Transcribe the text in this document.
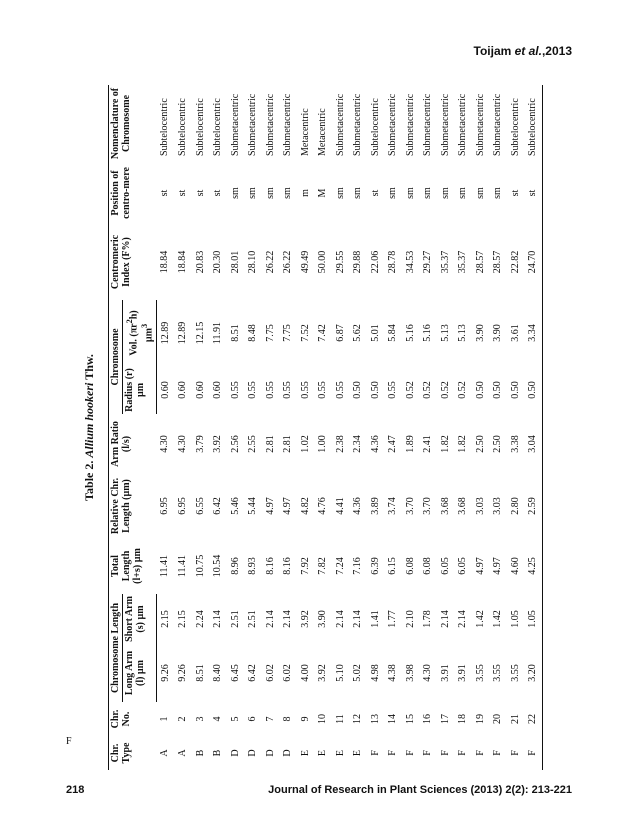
Toijam et al.,2013
Table 2. Allium hookeri Thw.
Chr. Type	Chr. No.	Chromosome Length		Total Length (l+s) µm	Relative Chr. Length (µm)	Arm Ratio (l/s)	Chromosome		Centromeric Index (F%)	Position of centro-mere	Nomenclature of Chromosome
		Long Arm (l) µm	Short Arm (s) µm				Radius (r) µm	Vol. $(\pi r^2h)$ µm$^3$
A	1	9.26	2.15	11.41	6.95	4.30	0.60	12.89	18.84	st	Subtelocentric
A	2	9.26	2.15	11.41	6.95	4.30	0.60	12.89	18.84	st	Subtelocentric
B	3	8.51	2.24	10.75	6.55	3.79	0.60	12.15	20.83	st	Subtelocentric
B	4	8.40	2.14	10.54	6.42	3.92	0.60	11.91	20.30	st	Subtelocentric
D	5	6.45	2.51	8.96	5.46	2.56	0.55	8.51	28.01	sm	Submetacentric
D	6	6.42	2.51	8.93	5.44	2.55	0.55	8.48	28.10	sm	Submetacentric
D	7	6.02	2.14	8.16	4.97	2.81	0.55	7.75	26.22	sm	Submetacentric
D	8	6.02	2.14	8.16	4.97	2.81	0.55	7.75	26.22	sm	Submetacentric
E	9	4.00	3.92	7.92	4.82	1.02	0.55	7.52	49.49	m	Metacentric
E	10	3.92	3.90	7.82	4.76	1.00	0.55	7.42	50.00	M	Metacentric
E	11	5.10	2.14	7.24	4.41	2.38	0.55	6.87	29.55	sm	Submetacentric
E	12	5.02	2.14	7.16	4.36	2.34	0.50	5.62	29.88	sm	Submetacentric
F	13	4.98	1.41	6.39	3.89	4.36	0.50	5.01	22.06	st	Subtelocentric
F	14	4.38	1.77	6.15	3.74	2.47	0.55	5.84	28.78	sm	Submetacentric
F	15	3.98	2.10	6.08	3.70	1.89	0.52	5.16	34.53	sm	Submetacentric
F	16	4.30	1.78	6.08	3.70	2.41	0.52	5.16	29.27	sm	Submetacentric
F	17	3.91	2.14	6.05	3.68	1.82	0.52	5.13	35.37	sm	Submetacentric
F	18	3.91	2.14	6.05	3.68	1.82	0.52	5.13	35.37	sm	Submetacentric
F	19	3.55	1.42	4.97	3.03	2.50	0.50	3.90	28.57	sm	Submetacentric
F	20	3.55	1.42	4.97	3.03	2.50	0.50	3.90	28.57	sm	Submetacentric
F	21	3.55	1.05	4.60	2.80	3.38	0.50	3.61	22.82	st	Subtelocentric
F	22	3.20	1.05	4.25	2.59	3.04	0.50	3.34	24.70	st	Subtelocentric
F
218	Journal of Research in Plant Sciences (2013) 2(2): 213-221
